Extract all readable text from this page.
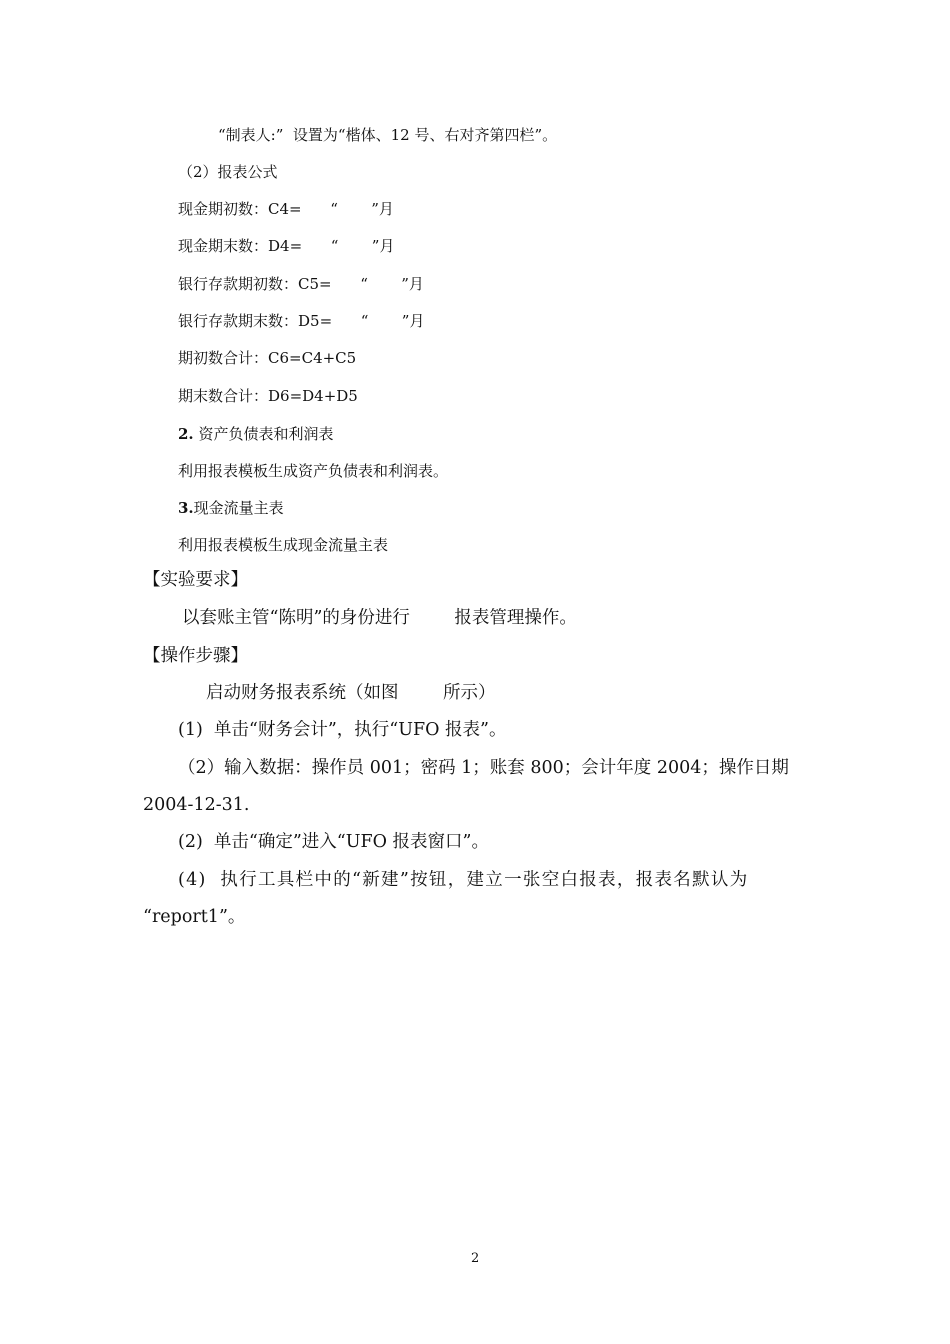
“制表人:”  设置为“楷体、12 号、右对齐第四栏”。
（2）报表公式
现金期初数：C4=      “       ”月
现金期末数：D4=      “       ”月
银行存款期初数：C5=      “       ”月
银行存款期末数：D5=      “       ”月
期初数合计：C6=C4+C5
期末数合计：D6=D4+D5
2. 资产负债表和利润表
利用报表模板生成资产负债表和利润表。
3.现金流量主表
利用报表模板生成现金流量主表
【实验要求】
以套账主管“陈明”的身份进行        报表管理操作。
【操作步骤】
启动财务报表系统（如图        所示）
(1)  单击“财务会计”，执行“UFO 报表”。
（2）输入数据：操作员 001；密码 1；账套 800；会计年度 2004；操作日期
2004-12-31.
(2)  单击“确定”进入“UFO 报表窗口”。
(4)  执行工具栏中的“新建”按钮，建立一张空白报表，报表名默认为
“report1”。
2
